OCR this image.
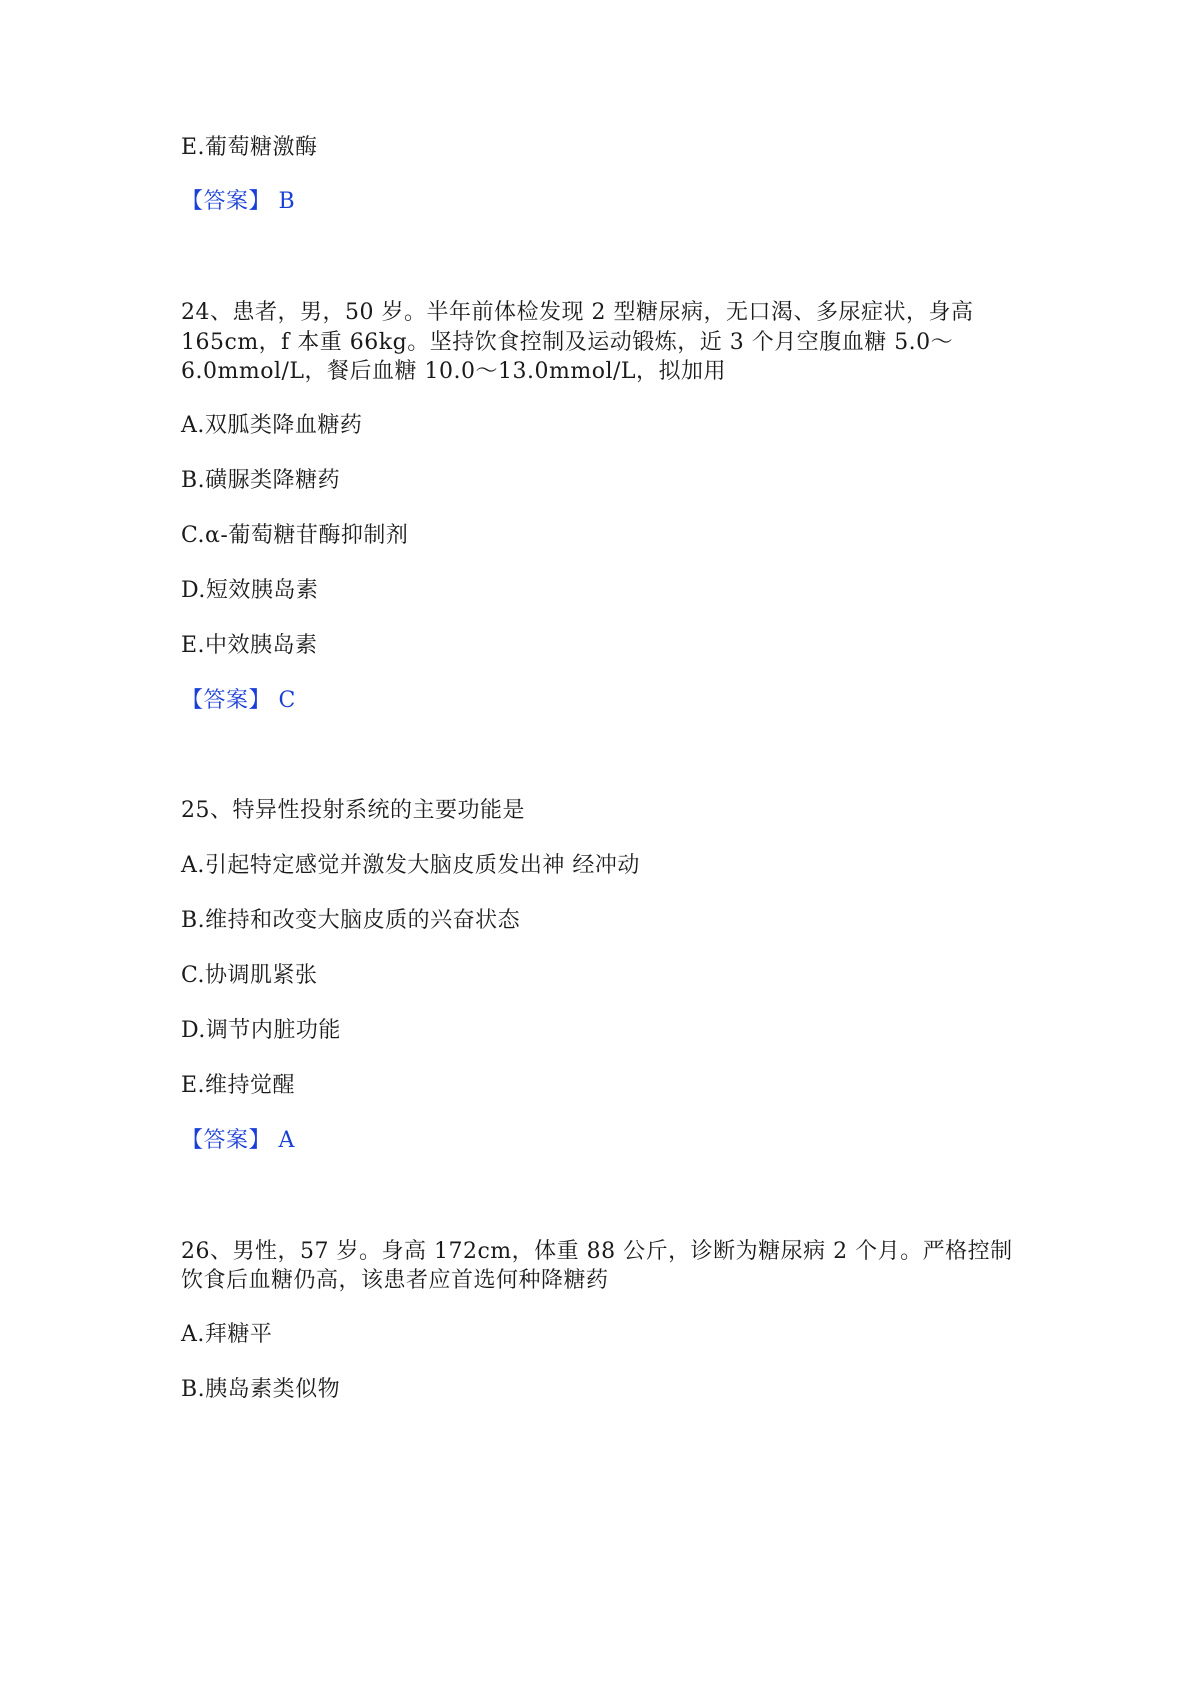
E.葡萄糖激酶
【答案】 B
24、患者，男，50 岁。半年前体检发现 2 型糖尿病，无口渴、多尿症状，身高
165cm，f 本重 66kg。坚持饮食控制及运动锻炼，近 3 个月空腹血糖 5.0～
6.0mmol/L，餐后血糖 10.0～13.0mmol/L，拟加用
A.双胍类降血糖药
B.磺脲类降糖药
C.α-葡萄糖苷酶抑制剂
D.短效胰岛素
E.中效胰岛素
【答案】 C
25、特异性投射系统的主要功能是
A.引起特定感觉并激发大脑皮质发出神 经冲动
B.维持和改变大脑皮质的兴奋状态
C.协调肌紧张
D.调节内脏功能
E.维持觉醒
【答案】 A
26、男性，57 岁。身高 172cm，体重 88 公斤，诊断为糖尿病 2 个月。严格控制
饮食后血糖仍高，该患者应首选何种降糖药
A.拜糖平
B.胰岛素类似物
